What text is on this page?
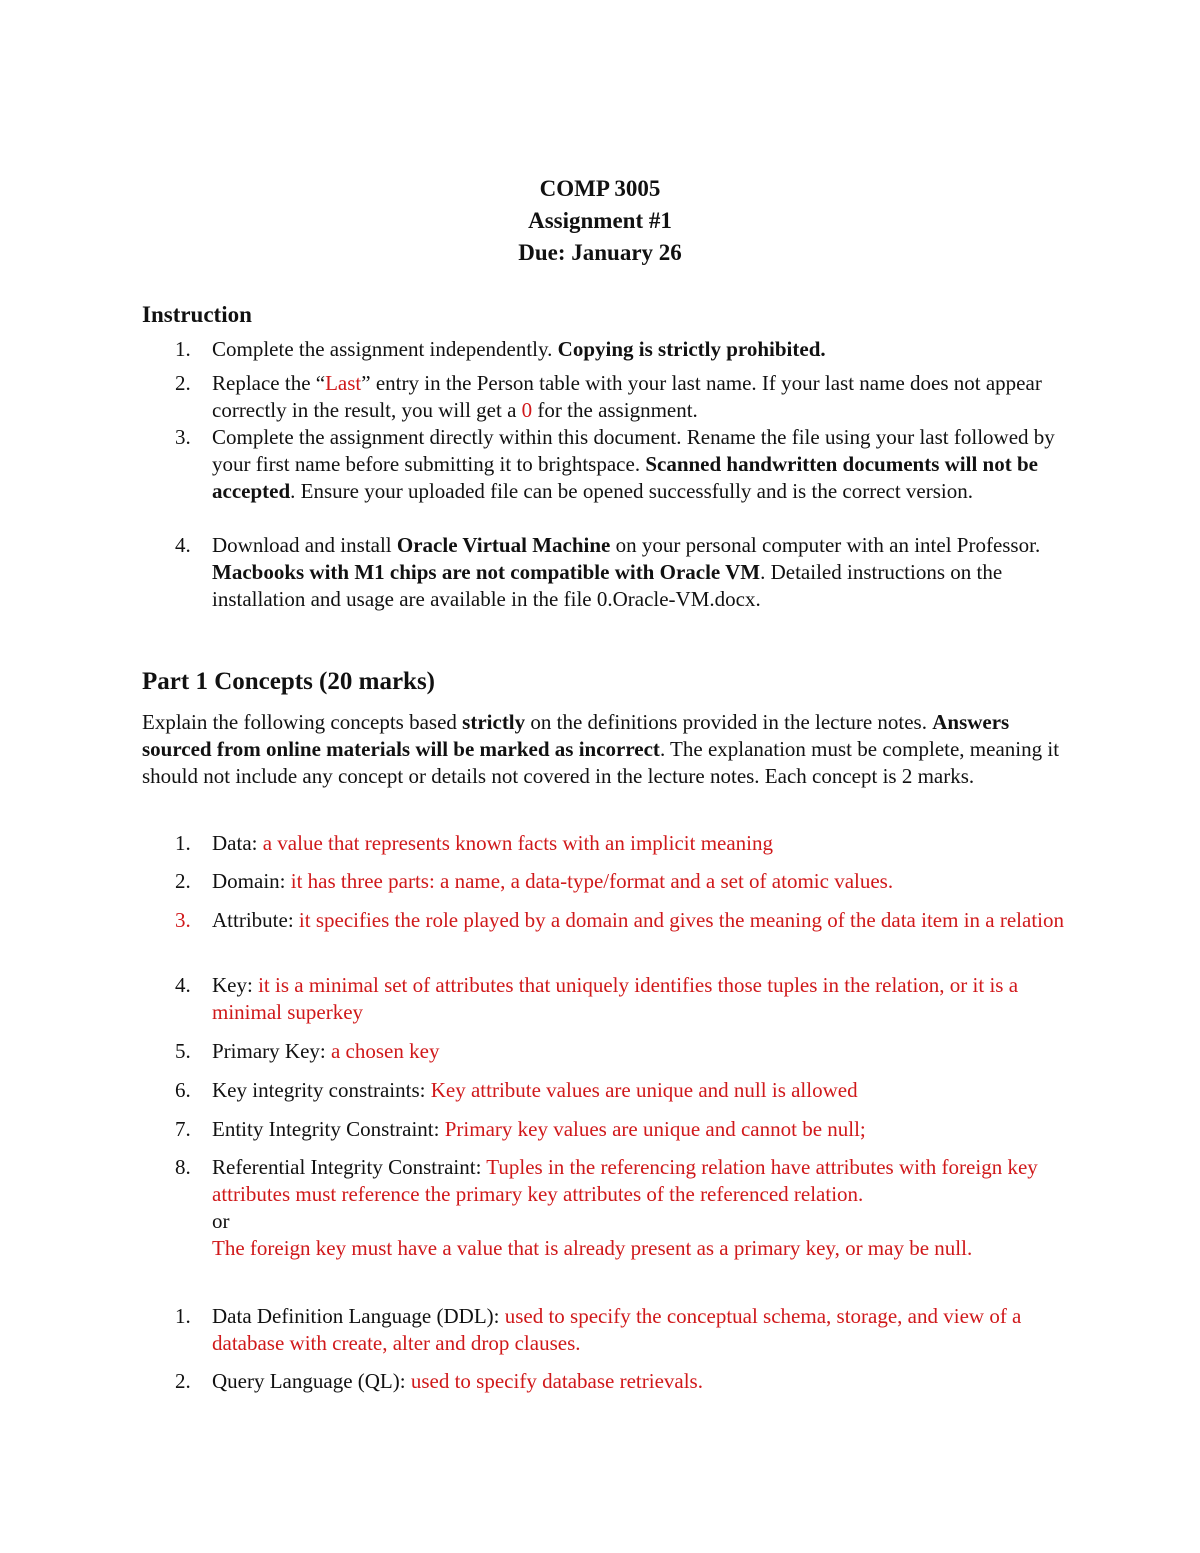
COMP 3005
Assignment #1
Due: January 26
Instruction
1.	Complete the assignment independently. Copying is strictly prohibited.
2.	Replace the “Last” entry in the Person table with your last name. If your last name does not appear correctly in the result, you will get a 0 for the assignment.
3.	Complete the assignment directly within this document. Rename the file using your last followed by your first name before submitting it to brightspace. Scanned handwritten documents will not be accepted. Ensure your uploaded file can be opened successfully and is the correct version.
4.	Download and install Oracle Virtual Machine on your personal computer with an intel Professor. Macbooks with M1 chips are not compatible with Oracle VM. Detailed instructions on the installation and usage are available in the file 0.Oracle-VM.docx.
Part 1 Concepts (20 marks)
Explain the following concepts based strictly on the definitions provided in the lecture notes. Answers sourced from online materials will be marked as incorrect. The explanation must be complete, meaning it should not include any concept or details not covered in the lecture notes. Each concept is 2 marks.
1.	Data: a value that represents known facts with an implicit meaning
2.	Domain: it has three parts: a name, a data-type/format and a set of atomic values.
3.	Attribute: it specifies the role played by a domain and gives the meaning of the data item in a relation
4.	Key: it is a minimal set of attributes that uniquely identifies those tuples in the relation, or it is a minimal superkey
5.	Primary Key: a chosen key
6.	Key integrity constraints: Key attribute values are unique and null is allowed
7.	Entity Integrity Constraint: Primary key values are unique and cannot be null;
8.	Referential Integrity Constraint: Tuples in the referencing relation have attributes with foreign key attributes must reference the primary key attributes of the referenced relation.
or
The foreign key must have a value that is already present as a primary key, or may be null.
1.	Data Definition Language (DDL): used to specify the conceptual schema, storage, and view of a database with create, alter and drop clauses.
2.	Query Language (QL): used to specify database retrievals.
